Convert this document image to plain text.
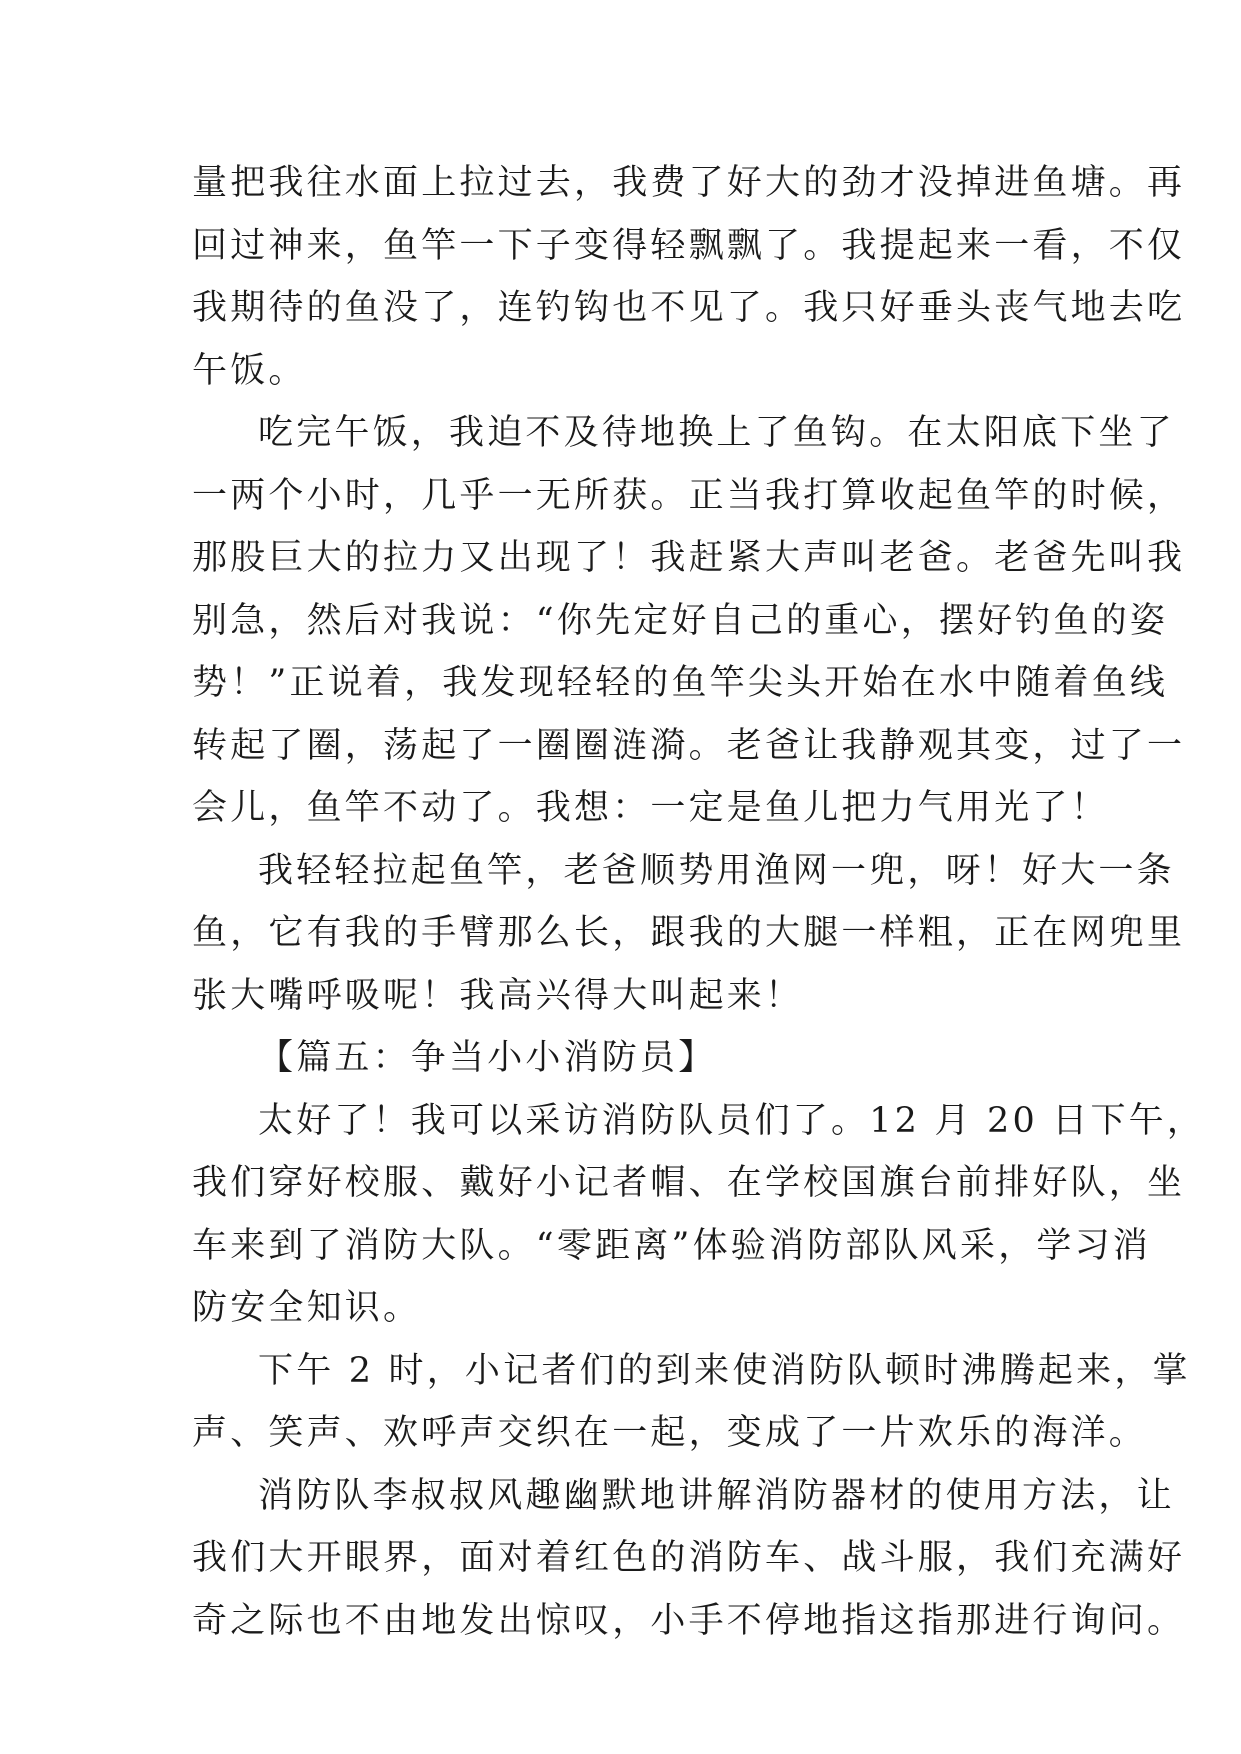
量把我往水面上拉过去，我费了好大的劲才没掉进鱼塘。再
回过神来，鱼竿一下子变得轻飘飘了。我提起来一看，不仅
我期待的鱼没了，连钓钩也不见了。我只好垂头丧气地去吃
午饭。

吃完午饭，我迫不及待地换上了鱼钩。在太阳底下坐了
一两个小时，几乎一无所获。正当我打算收起鱼竿的时候，
那股巨大的拉力又出现了！我赶紧大声叫老爸。老爸先叫我
别急，然后对我说：“你先定好自己的重心，摆好钓鱼的姿
势！”正说着，我发现轻轻的鱼竿尖头开始在水中随着鱼线
转起了圈，荡起了一圈圈涟漪。老爸让我静观其变，过了一
会儿，鱼竿不动了。我想：一定是鱼儿把力气用光了！

我轻轻拉起鱼竿，老爸顺势用渔网一兜，呀！好大一条
鱼，它有我的手臂那么长，跟我的大腿一样粗，正在网兜里
张大嘴呼吸呢！我高兴得大叫起来！

【篇五：争当小小消防员】

太好了！我可以采访消防队员们了。12 月 20 日下午，
我们穿好校服、戴好小记者帽、在学校国旗台前排好队，坐
车来到了消防大队。“零距离”体验消防部队风采，学习消
防安全知识。

下午 2 时，小记者们的到来使消防队顿时沸腾起来，掌
声、笑声、欢呼声交织在一起，变成了一片欢乐的海洋。

消防队李叔叔风趣幽默地讲解消防器材的使用方法，让
我们大开眼界，面对着红色的消防车、战斗服，我们充满好
奇之际也不由地发出惊叹，小手不停地指这指那进行询问。
